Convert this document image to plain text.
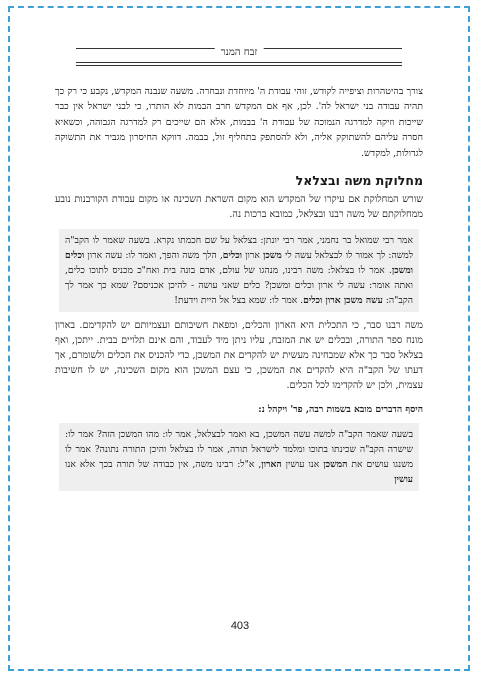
זבח המנר

צורך בהיטהרות וציפייה לקודש, זוהי עבודת ה' מיוחדת ונבחרה. משעה שנבנה המקדש, נקבע כי רק כך תהיה עבודה בני ישראל לה'. לכן, אף אם המקדש חרב הבמות לא הותרו, כי לבני ישראל אין כבר שייכות וזיקה למדרגה הנמוכה של עבודת ה' בבמות, אלא הם שייכים רק למדרגה הגבוהה, וכשאיא חסרה עליהם להשתוקק אליה, ולא להסתפק בתחליף זול, בבמה. דווקא החיסרון מגביר את התשוקה לגדולות, למקדש.

מחלוקת משה ובצלאל

שורש המחלוקת אם עיקרו של המקדש הוא מקום השראת השכינה או מקום עבודת הקורבנות נובע ממחלוקתם של משה רבנו ובצלאל, כמובא ברכות נה.

אמר רבי שמואל בר נחמני, אמר רבי יונתן: בצלאל על שם חכמתו נקרא. בשעה שאמר לו הקב"ה למשה: לך אמור לו לבצלאל עשה לי משכן ארון וכלים, הלך משה והפך, ואמר לו: עשה ארון וכלים ומשכן. אמר לו בצלאל: משה רבינו, מנהגו של עולם, אדם בונה בית ואח"כ מכניס לתוכו כלים, ואתה אומר: עשה לי ארון וכלים ומשכן? כלים שאני עושה - להיכן אכניסם? שמא כך אמר לך הקב"ה: עשה משכן ארון וכלים. אמר לו: שמא בצל אל היית וידעת!

משה רבנו סבר, כי התכלית היא הארון והכלים, ומפאת חשיבותם ועצמיותם יש להקדימם. בארון מונח ספר התורה, ובכלים יש את המזבח, עליו ניתן מיד לעבוד, והם אינם תלויים בבית. ייתכן, ואף בצלאל סבר כך אלא שמבחינה מעשית יש להקדים את המשכן, כדי להכניס את הכלים ולשומרם, אך דעתו של הקב"ה היא להקדים את המשכן, כי עצם המשכן הוא מקום השכינה, יש לו חשיבות עצמית, ולכן יש להקדימו לכל הכלים.

היסף הדברים מובא בשמות רבה, פר' ויקהל נ:

בשעה שאמר הקב"ה למשה עשה המשכן, בא ואמר לבצלאל, אמר לו: מהו המשכן הזה? אמר לו: שישרה הקב"ה שכינתו בתוכו ומלמד לישראל תורה, אמר לו בצלאל והיכן התורה נתונה? אמר לו משנגו עושים את המשכן אנו עושין הארון, א"ל: רבינו משה, אין כבודה של תורה בכך אלא אנו עושין

403
